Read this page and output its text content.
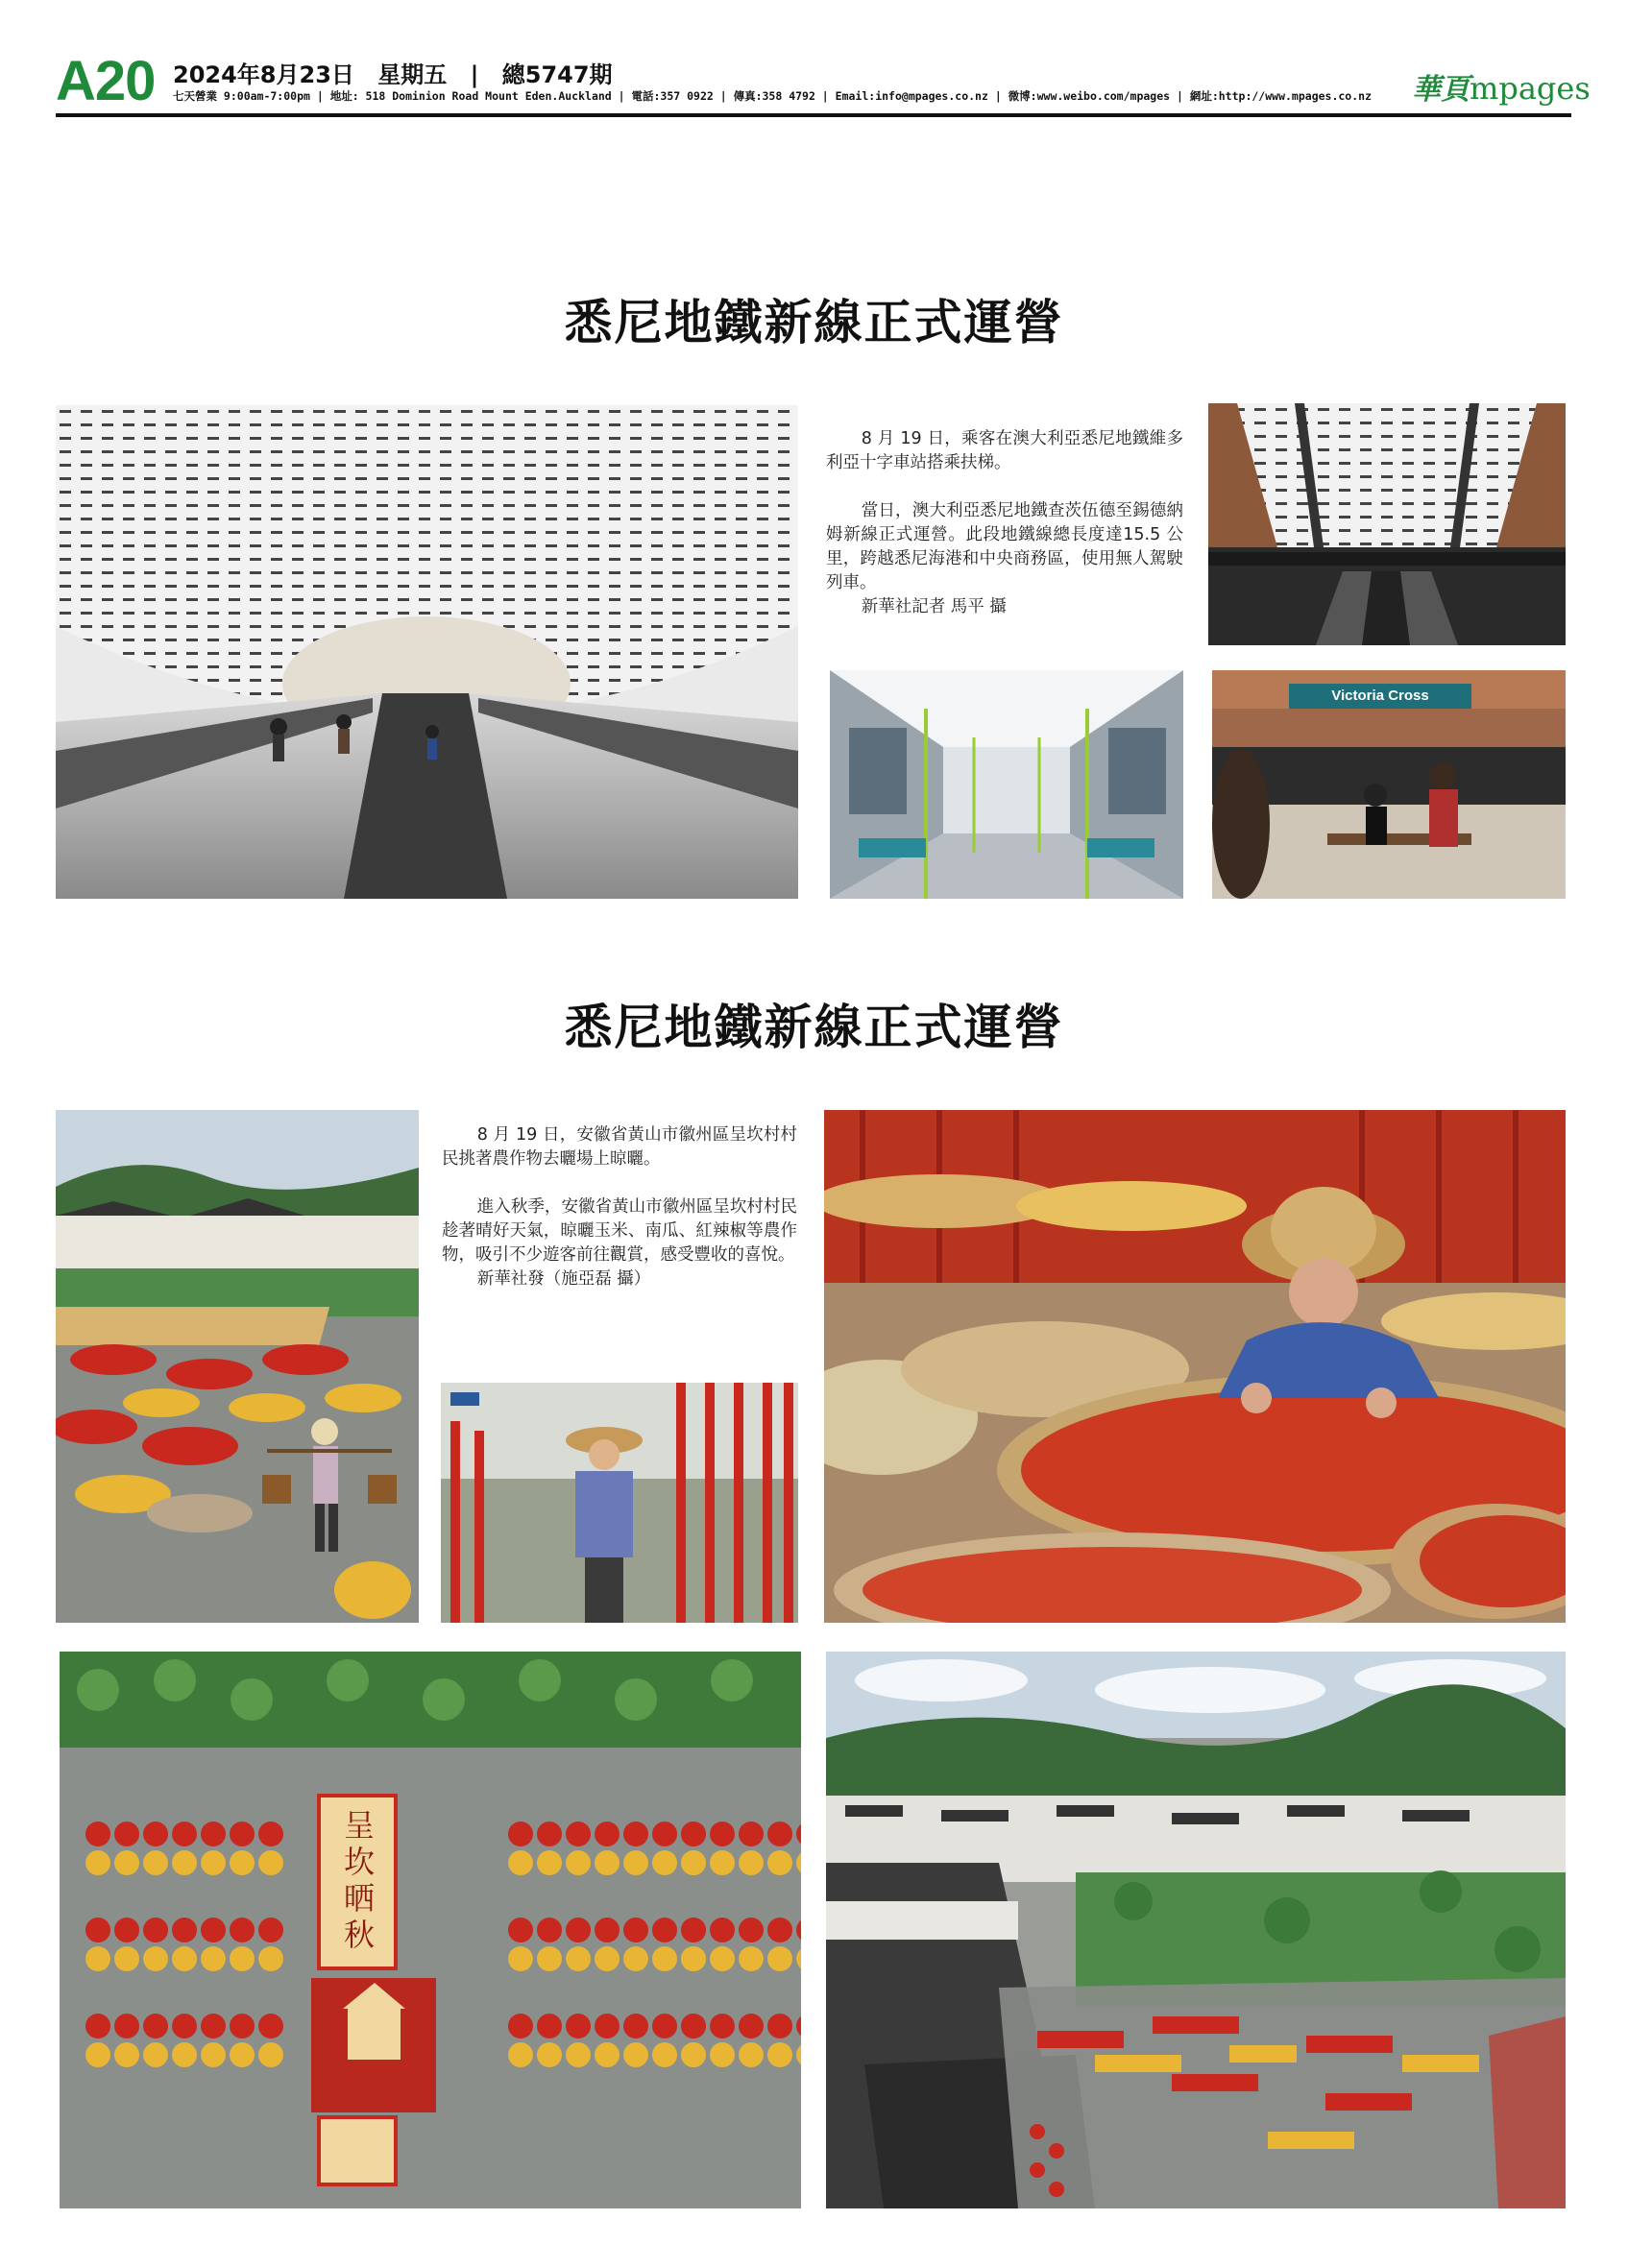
A20 2024年8月23日 星期五 | 總5747期
七天營業 9:00am-7:00pm | 地址: 518 Dominion Road Mount Eden.Auckland | 電話:357 0922 | 傳真:358 4792 | Email:info@mpages.co.nz | 微博:www.weibo.com/mpages | 網址:http://www.mpages.co.nz 華頁mpages
悉尼地鐵新線正式運營

8 月 19 日，乘客在澳大利亞悉尼地鐵維多利亞十字車站搭乘扶梯。

當日，澳大利亞悉尼地鐵查茨伍德至錫德納姆新線正式運營。此段地鐵線總長度達15.5 公里，跨越悉尼海港和中央商務區，使用無人駕駛列車。

新華社記者 馬平 攝

Victoria Cross
悉尼地鐵新線正式運營

8 月 19 日，安徽省黃山市徽州區呈坎村村民挑著農作物去曬場上晾曬。

進入秋季，安徽省黃山市徽州區呈坎村村民趁著晴好天氣，晾曬玉米、南瓜、紅辣椒等農作物，吸引不少遊客前往觀賞，感受豐收的喜悅。

新華社發（施亞磊 攝）

呈坎晒秋
